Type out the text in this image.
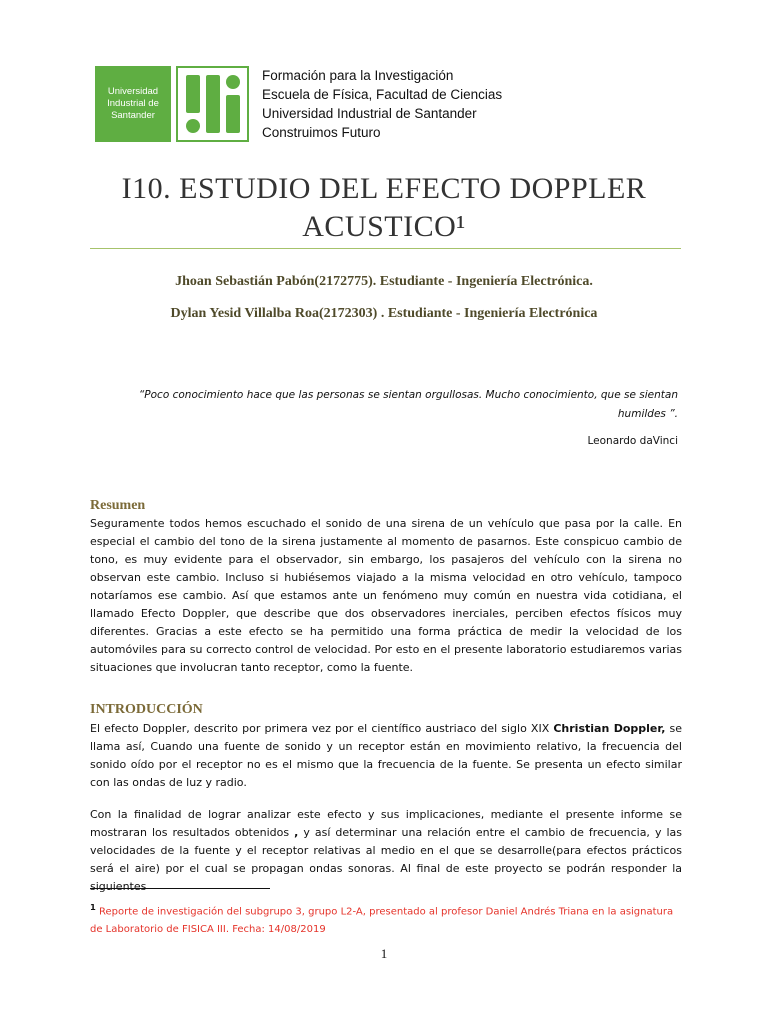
Universidad
Industrial de
Santander
Formación para la Investigación
Escuela de Física, Facultad de Ciencias
Universidad Industrial de Santander
Construimos Futuro
I10. ESTUDIO DEL EFECTO DOPPLER
ACUSTICO¹
Jhoan Sebastián Pabón(2172775). Estudiante - Ingeniería Electrónica.
Dylan Yesid Villalba Roa(2172303) . Estudiante - Ingeniería Electrónica
“Poco conocimiento hace que las personas se sientan orgullosas. Mucho conocimiento, que se sientan humildes ”.
Leonardo daVinci
Resumen
Seguramente todos hemos escuchado el sonido de una sirena de un vehículo que pasa por la calle. En especial el cambio del tono de la sirena justamente al momento de pasarnos. Este conspicuo cambio de tono, es muy evidente para el observador, sin embargo, los pasajeros del vehículo con la sirena no observan este cambio. Incluso si hubiésemos viajado a la misma velocidad en otro vehículo, tampoco notaríamos ese cambio. Así que estamos ante un fenómeno muy común en nuestra vida cotidiana, el llamado Efecto Doppler, que describe que dos observadores inerciales, perciben efectos físicos muy diferentes. Gracias a este efecto se ha permitido una forma práctica de medir la velocidad de los automóviles para su correcto control de velocidad. Por esto en el presente laboratorio estudiaremos varias situaciones que involucran tanto receptor, como la fuente.
INTRODUCCIÓN
El efecto Doppler, descrito por primera vez por el científico austriaco del siglo XIX Christian Doppler, se llama así, Cuando una fuente de sonido y un receptor están en movimiento relativo, la frecuencia del sonido oído por el receptor no es el mismo que la frecuencia de la fuente. Se presenta un efecto similar con las ondas de luz y radio.
Con la finalidad de lograr analizar este efecto y sus implicaciones, mediante el presente informe se mostraran los resultados obtenidos , y así determinar una relación entre el cambio de frecuencia, y las velocidades de la fuente y el receptor relativas al medio en el que se desarrolle(para efectos prácticos será el aire) por el cual se propagan ondas sonoras. Al final de este proyecto se podrán responder la siguientes
$^1$ Reporte de investigación del subgrupo 3, grupo L2-A, presentado al profesor Daniel Andrés Triana en la asignatura de Laboratorio de FISICA III. Fecha: 14/08/2019
1
